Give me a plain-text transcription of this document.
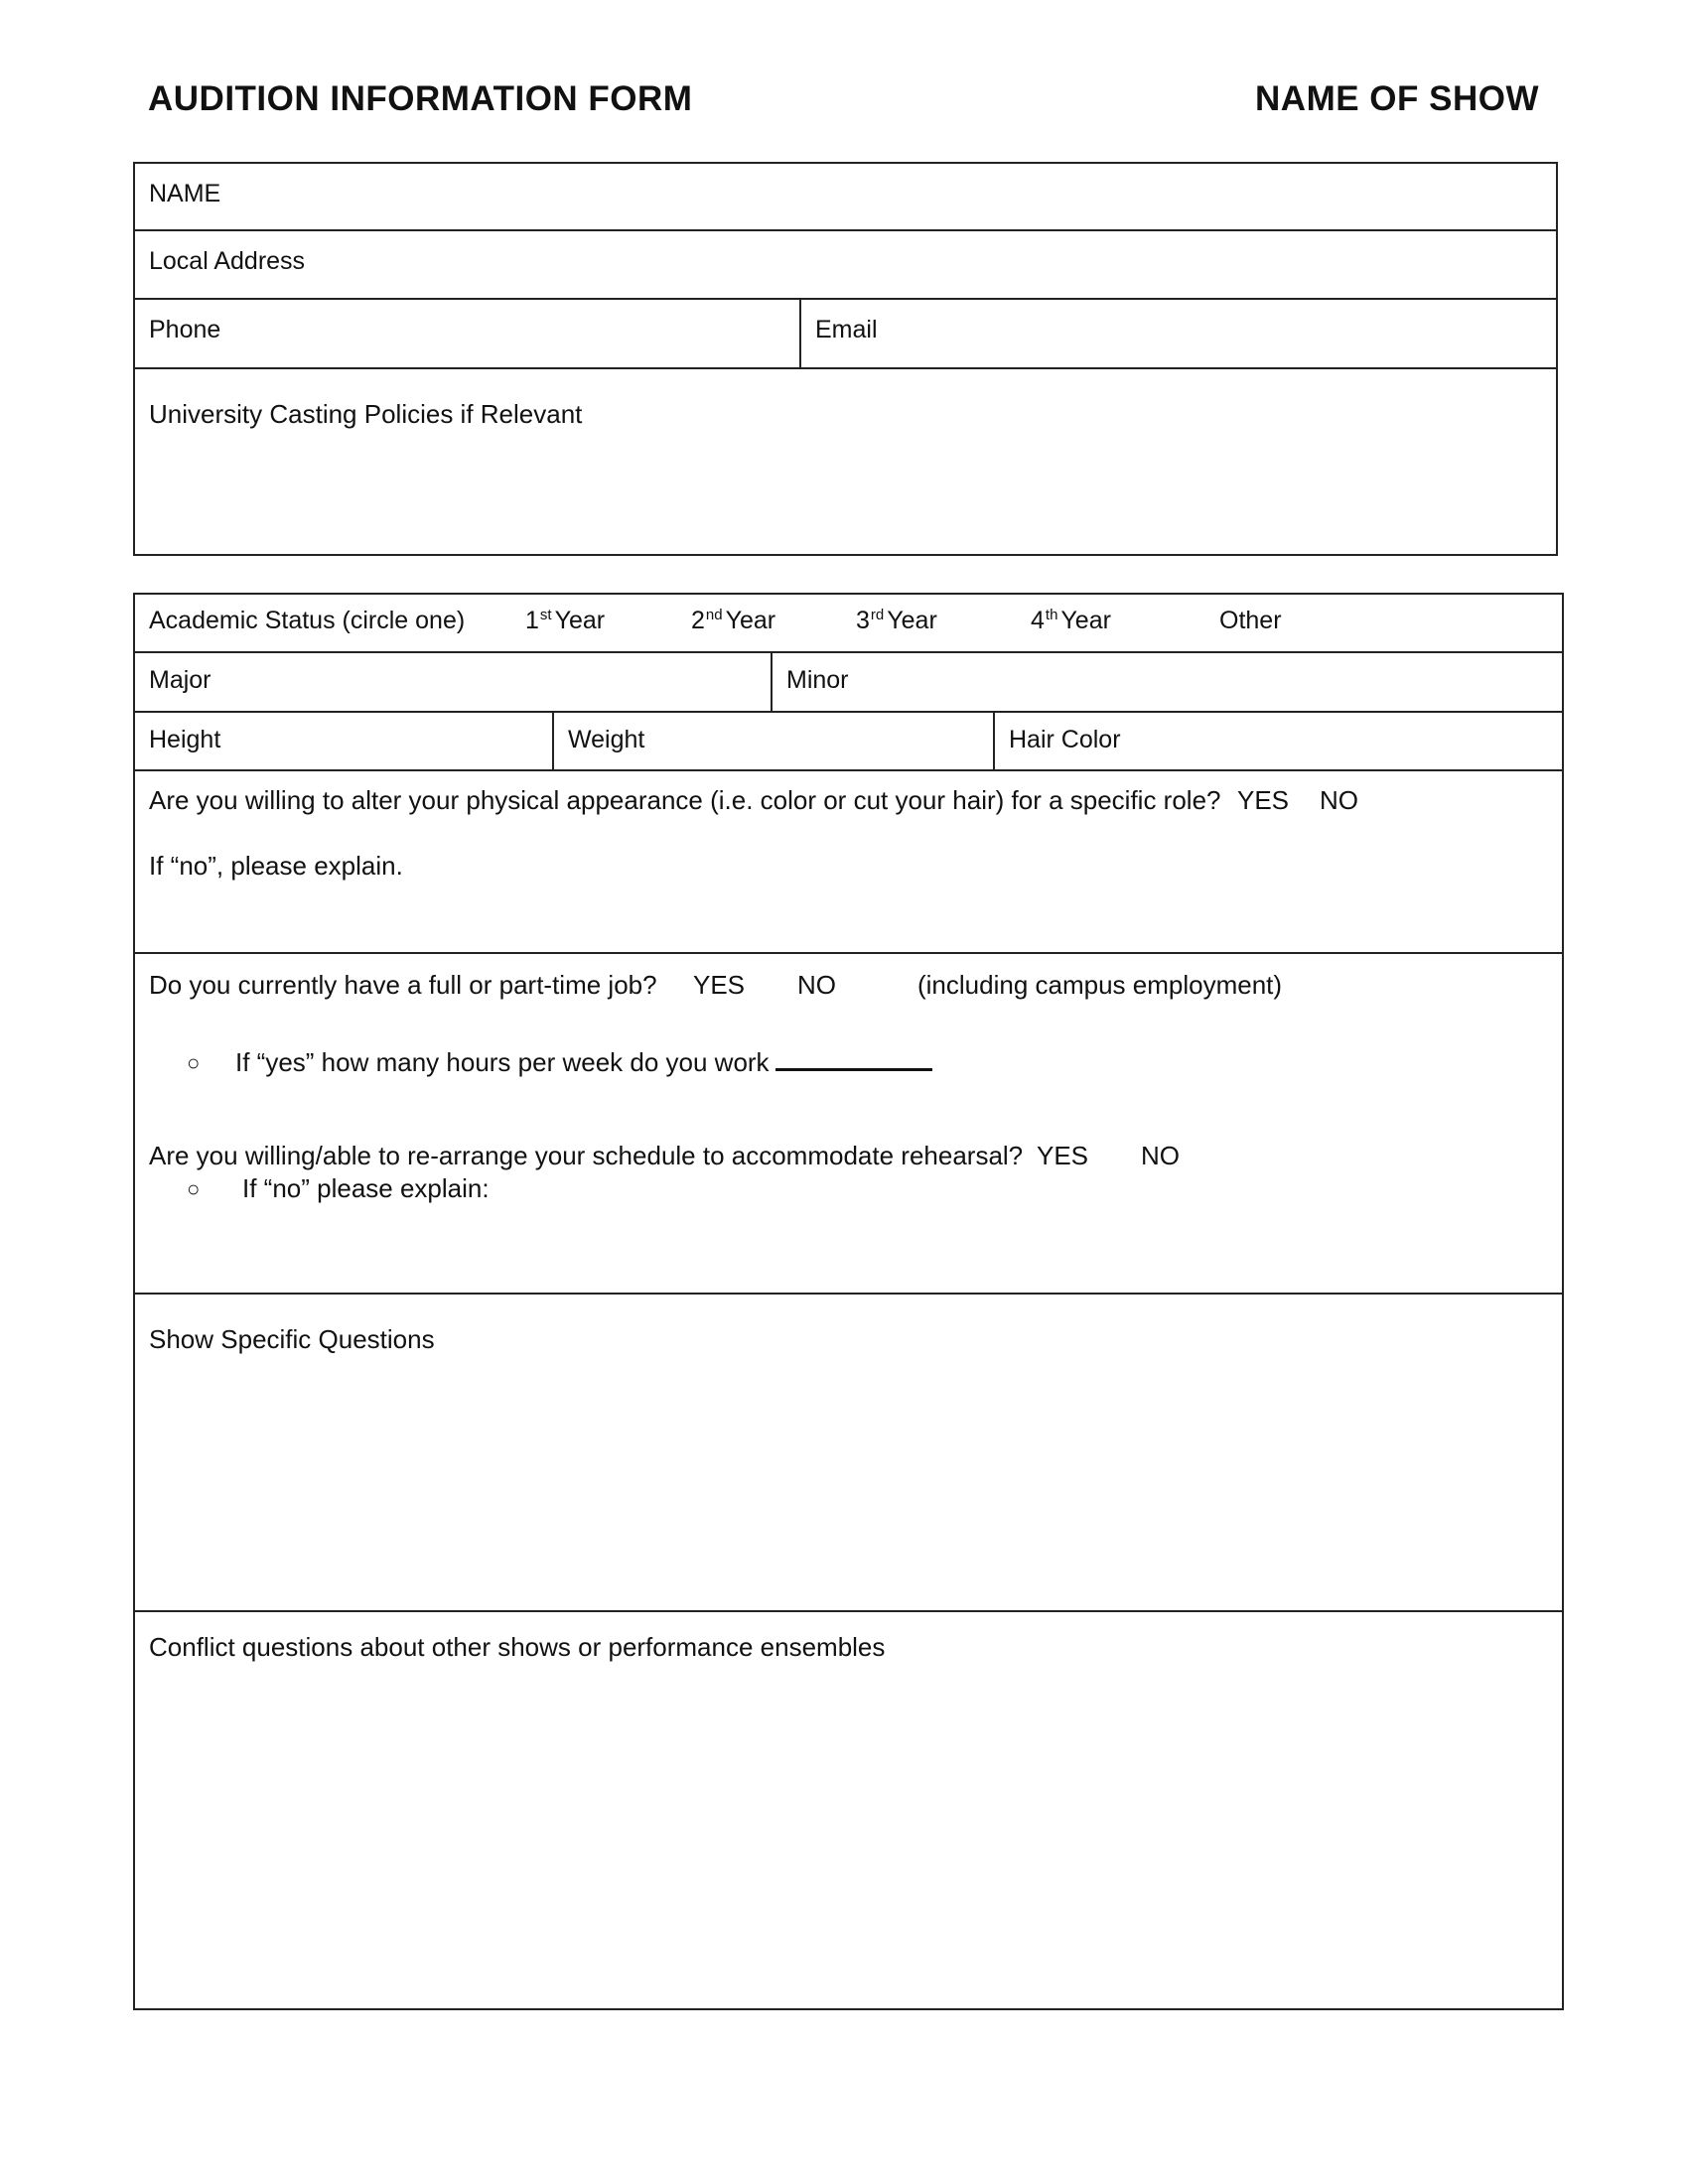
AUDITION INFORMATION FORM	NAME OF SHOW
NAME
Local Address
Phone	Email
University Casting Policies if Relevant
Academic Status (circle one) 1st Year	2nd Year	3rd Year	4th Year	Other
Major	Minor
Height	Weight	Hair Color
Are you willing to alter your physical appearance (i.e. color or cut your hair) for a specific role? YES NO
If “no”, please explain.
Do you currently have a full or part-time job? YES NO	(including campus employment)
○ If “yes” how many hours per week do you work
Are you willing/able to re-arrange your schedule to accommodate rehearsal? YES NO
○ If “no” please explain:
Show Specific Questions
Conflict questions about other shows or performance ensembles
